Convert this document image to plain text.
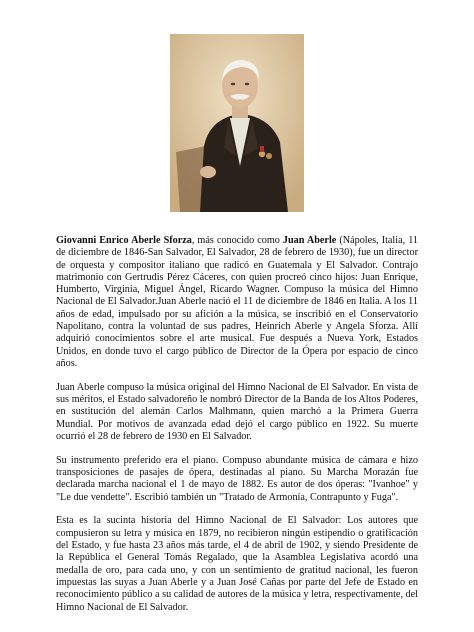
Giovanni Enrico Aberle Sforza, más conocido como Juan Aberle (Nápoles, Italia, 11 de diciembre de 1846-San Salvador, El Salvador, 28 de febrero de 1930), fue un director de orquesta y compositor italiano que radicó en Guatemala y El Salvador. Contrajo matrimonio con Gertrudis Pérez Cáceres, con quien procreó cinco hijos: Juan Enrique, Humberto, Virginia, Miguel Ángel, Ricardo Wagner. Compuso la música del Himno Nacional de El Salvador.Juan Aberle nació el 11 de diciembre de 1846 en Italia. A los 11 años de edad, impulsado por su afición a la música, se inscribió en el Conservatorio Napolitano, contra la voluntad de sus padres, Heinrich Aberle y Angela Sforza. Allí adquirió conocimientos sobre el arte musical. Fue después a Nueva York, Estados Unidos, en donde tuvo el cargo público de Director de la Ópera por espacio de cinco años.

Juan Aberle compuso la música original del Himno Nacional de El Salvador. En vista de sus méritos, el Estado salvadoreño le nombró Director de la Banda de los Altos Poderes, en sustitución del alemán Carlos Malhmann, quien marchó a la Primera Guerra Mundial. Por motivos de avanzada edad dejó el cargo público en 1922. Su muerte ocurrió el 28 de febrero de 1930 en El Salvador.

Su instrumento preferido era el piano. Compuso abundante música de cámara e hizo transposiciones de pasajes de ópera, destinadas al piano. Su Marcha Morazán fue declarada marcha nacional el 1 de mayo de 1882. Es autor de dos óperas: "Ivanhoe" y "Le due vendette". Escribió también un "Tratado de Armonía, Contrapunto y Fuga".

Esta es la sucinta historia del Himno Nacional de El Salvador: Los autores que compusieron su letra y música en 1879, no recibieron ningún estipendio o gratificación del Estado, y fue hasta 23 años más tarde, el 4 de abril de 1902, y siendo Presidente de la República el General Tomás Regalado, que la Asamblea Legislativa acordó una medalla de oro, para cada uno, y con un sentimiento de gratitud nacional, les fueron impuestas las suyas a Juan Aberle y a Juan José Cañas por parte del Jefe de Estado en reconocimiento público a su calidad de autores de la música y letra, respectivamente, del Himno Nacional de El Salvador.
